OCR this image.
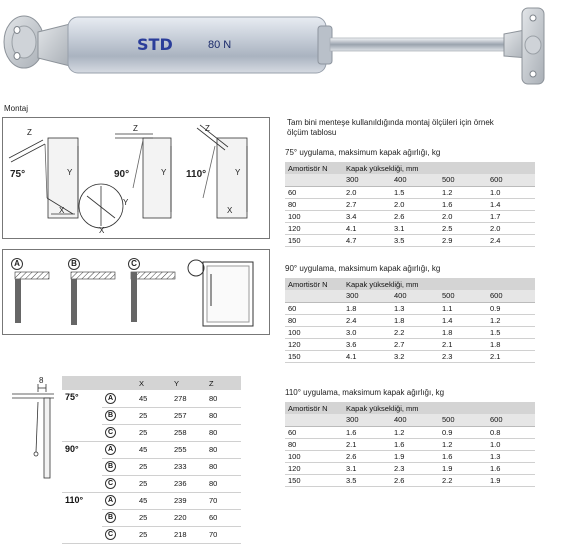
STD	80 N
Montaj
75°	90°	110°
Z	Z	Z
Y	Y	Y
X
X
Y
X
A	B	C
Tam bini menteşe kullanıldığında montaj ölçüleri için örnek
ölçüm tablosu
75° uygulama, maksimum kapak ağırlığı, kg
Amortisör N	Kapak yüksekliği, mm			
	300	400	500	600
60	2.0	1.5	1.2	1.0
80	2.7	2.0	1.6	1.4
100	3.4	2.6	2.0	1.7
120	4.1	3.1	2.5	2.0
150	4.7	3.5	2.9	2.4
90° uygulama, maksimum kapak ağırlığı, kg
Amortisör N	Kapak yüksekliği, mm			
	300	400	500	600
60	1.8	1.3	1.1	0.9
80	2.4	1.8	1.4	1.2
100	3.0	2.2	1.8	1.5
120	3.6	2.7	2.1	1.8
150	4.1	3.2	2.3	2.1
110° uygulama, maksimum kapak ağırlığı, kg
Amortisör N	Kapak yüksekliği, mm			
	300	400	500	600
60	1.6	1.2	0.9	0.8
80	2.1	1.6	1.2	1.0
100	2.6	1.9	1.6	1.3
120	3.1	2.3	1.9	1.6
150	3.5	2.6	2.2	1.9
8
			X	Y	Z
75°	A	45	278	80
	B	25	257	80
	C	25	258	80
90°	A	45	255	80
	B	25	233	80
	C	25	236	80
110°	A	45	239	70
	B	25	220	60
	C	25	218	70
